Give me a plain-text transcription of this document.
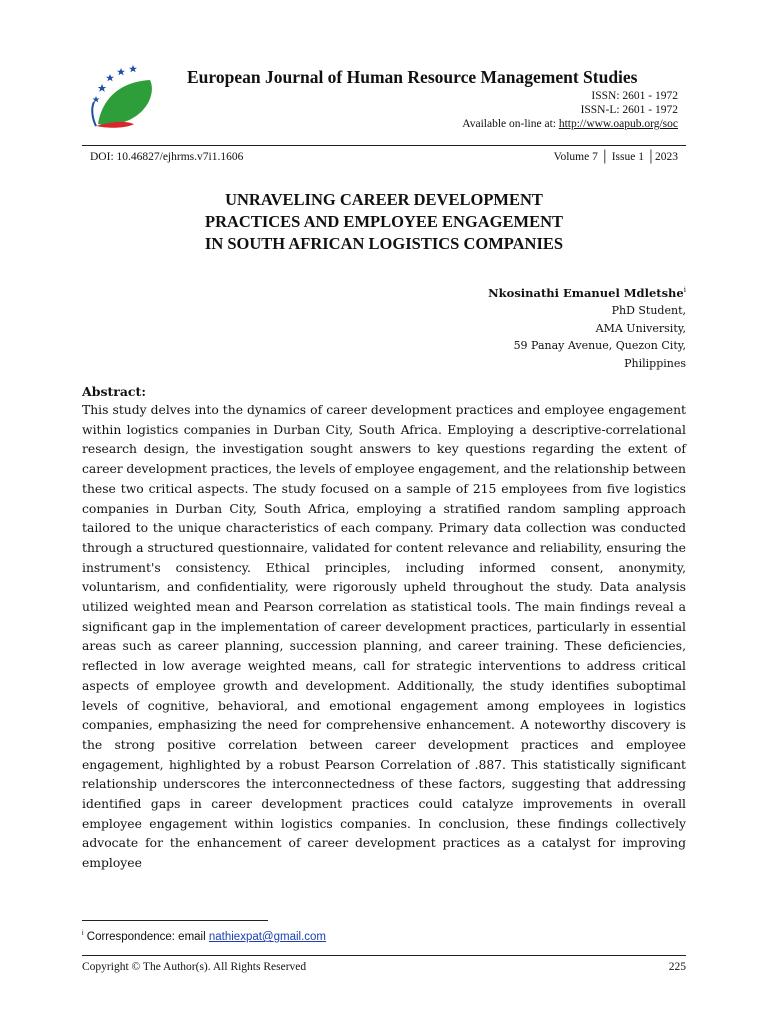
European Journal of Human Resource Management Studies
ISSN: 2601 - 1972
ISSN-L: 2601 - 1972
Available on-line at: http://www.oapub.org/soc
DOI: 10.46827/ejhrms.v7i1.1606	Volume 7 │ Issue 1 │2023
UNRAVELING CAREER DEVELOPMENT
PRACTICES AND EMPLOYEE ENGAGEMENT
IN SOUTH AFRICAN LOGISTICS COMPANIES
Nkosinathi Emanuel Mdletshe$^i$
PhD Student,
AMA University,
59 Panay Avenue, Quezon City,
Philippines
Abstract:
This study delves into the dynamics of career development practices and employee engagement within logistics companies in Durban City, South Africa. Employing a descriptive-correlational research design, the investigation sought answers to key questions regarding the extent of career development practices, the levels of employee engagement, and the relationship between these two critical aspects. The study focused on a sample of 215 employees from five logistics companies in Durban City, South Africa, employing a stratified random sampling approach tailored to the unique characteristics of each company. Primary data collection was conducted through a structured questionnaire, validated for content relevance and reliability, ensuring the instrument's consistency. Ethical principles, including informed consent, anonymity, voluntarism, and confidentiality, were rigorously upheld throughout the study. Data analysis utilized weighted mean and Pearson correlation as statistical tools. The main findings reveal a significant gap in the implementation of career development practices, particularly in essential areas such as career planning, succession planning, and career training. These deficiencies, reflected in low average weighted means, call for strategic interventions to address critical aspects of employee growth and development. Additionally, the study identifies suboptimal levels of cognitive, behavioral, and emotional engagement among employees in logistics companies, emphasizing the need for comprehensive enhancement. A noteworthy discovery is the strong positive correlation between career development practices and employee engagement, highlighted by a robust Pearson Correlation of .887. This statistically significant relationship underscores the interconnectedness of these factors, suggesting that addressing identified gaps in career development practices could catalyze improvements in overall employee engagement within logistics companies. In conclusion, these findings collectively advocate for the enhancement of career development practices as a catalyst for improving employee
$^i$ Correspondence: email nathiexpat@gmail.com
Copyright © The Author(s). All Rights Reserved	225
